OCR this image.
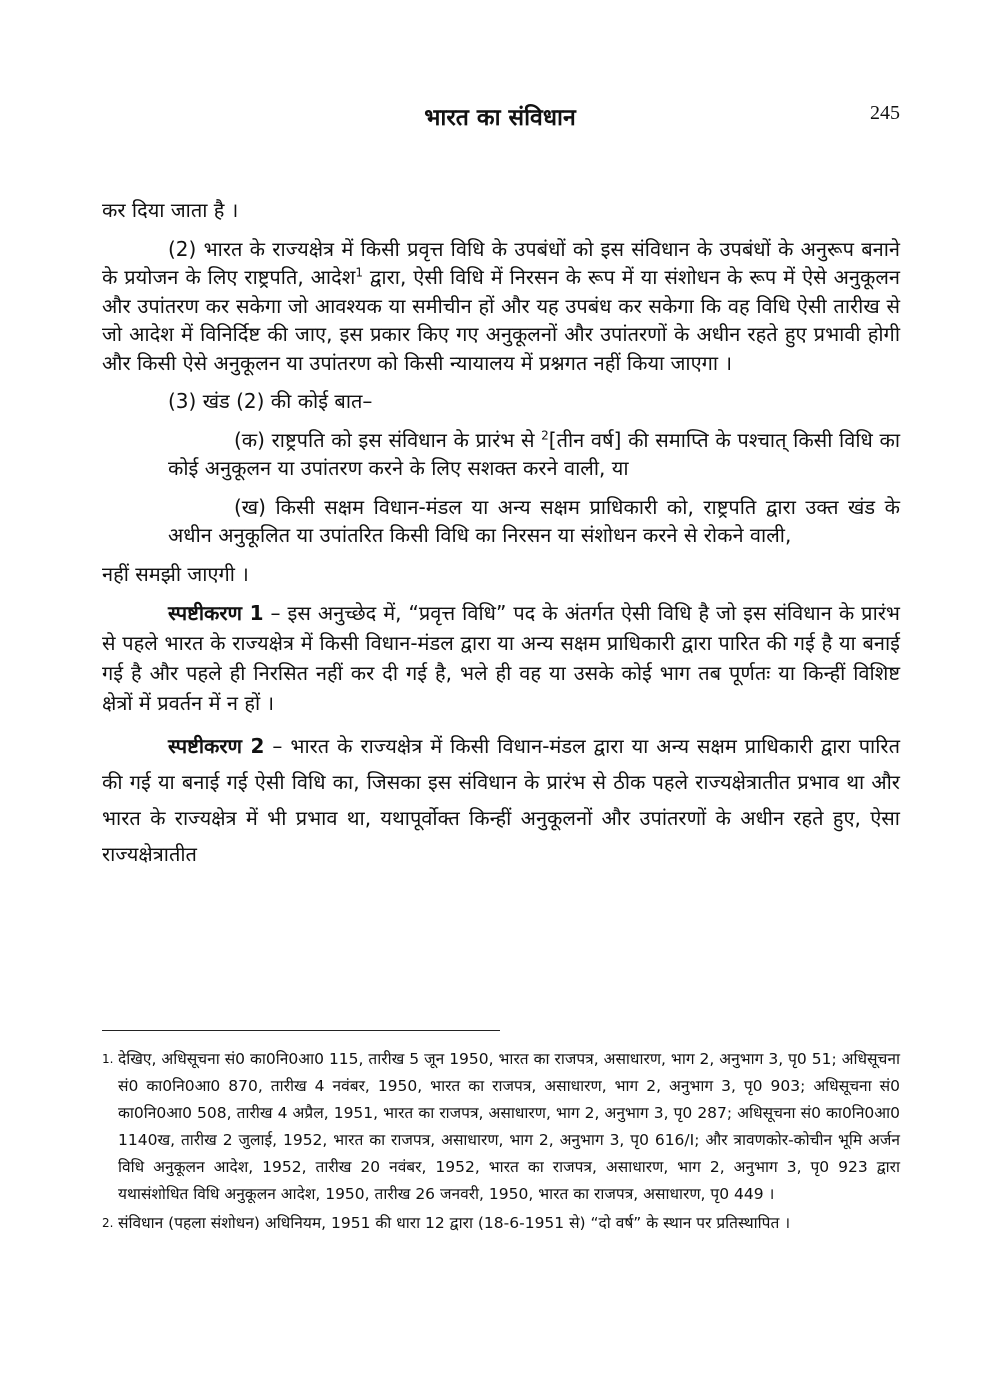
भारत का संविधान	245

कर दिया जाता है ।

(2) भारत के राज्यक्षेत्र में किसी प्रवृत्त विधि के उपबंधों को इस संविधान के उपबंधों के अनुरूप बनाने के प्रयोजन के लिए राष्ट्रपति, आदेश$^1$ द्वारा, ऐसी विधि में निरसन के रूप में या संशोधन के रूप में ऐसे अनुकूलन और उपांतरण कर सकेगा जो आवश्यक या समीचीन हों और यह उपबंध कर सकेगा कि वह विधि ऐसी तारीख से जो आदेश में विनिर्दिष्ट की जाए, इस प्रकार किए गए अनुकूलनों और उपांतरणों के अधीन रहते हुए प्रभावी होगी और किसी ऐसे अनुकूलन या उपांतरण को किसी न्यायालय में प्रश्नगत नहीं किया जाएगा ।

(3) खंड (2) की कोई बात–

(क) राष्ट्रपति को इस संविधान के प्रारंभ से $^2$[तीन वर्ष] की समाप्ति के पश्चात् किसी विधि का कोई अनुकूलन या उपांतरण करने के लिए सशक्त करने वाली, या

(ख) किसी सक्षम विधान-मंडल या अन्य सक्षम प्राधिकारी को, राष्ट्रपति द्वारा उक्त खंड के अधीन अनुकूलित या उपांतरित किसी विधि का निरसन या संशोधन करने से रोकने वाली,

नहीं समझी जाएगी ।

स्पष्टीकरण 1 – इस अनुच्छेद में, “प्रवृत्त विधि” पद के अंतर्गत ऐसी विधि है जो इस संविधान के प्रारंभ से पहले भारत के राज्यक्षेत्र में किसी विधान-मंडल द्वारा या अन्य सक्षम प्राधिकारी द्वारा पारित की गई है या बनाई गई है और पहले ही निरसित नहीं कर दी गई है, भले ही वह या उसके कोई भाग तब पूर्णतः या किन्हीं विशिष्ट क्षेत्रों में प्रवर्तन में न हों ।

स्पष्टीकरण 2 – भारत के राज्यक्षेत्र में किसी विधान-मंडल द्वारा या अन्य सक्षम प्राधिकारी द्वारा पारित की गई या बनाई गई ऐसी विधि का, जिसका इस संविधान के प्रारंभ से ठीक पहले राज्यक्षेत्रातीत प्रभाव था और भारत के राज्यक्षेत्र में भी प्रभाव था, यथापूर्वोक्त किन्हीं अनुकूलनों और उपांतरणों के अधीन रहते हुए, ऐसा राज्यक्षेत्रातीत

1. देखिए, अधिसूचना सं0 का0नि0आ0 115, तारीख 5 जून 1950, भारत का राजपत्र, असाधारण, भाग 2, अनुभाग 3, पृ0 51; अधिसूचना सं0 का0नि0आ0 870, तारीख 4 नवंबर, 1950, भारत का राजपत्र, असाधारण, भाग 2, अनुभाग 3, पृ0 903; अधिसूचना सं0 का0नि0आ0 508, तारीख 4 अप्रैल, 1951, भारत का राजपत्र, असाधारण, भाग 2, अनुभाग 3, पृ0 287; अधिसूचना सं0 का0नि0आ0 1140ख, तारीख 2 जुलाई, 1952, भारत का राजपत्र, असाधारण, भाग 2, अनुभाग 3, पृ0 616/I; और त्रावणकोर-कोचीन भूमि अर्जन विधि अनुकूलन आदेश, 1952, तारीख 20 नवंबर, 1952, भारत का राजपत्र, असाधारण, भाग 2, अनुभाग 3, पृ0 923 द्वारा यथासंशोधित विधि अनुकूलन आदेश, 1950, तारीख 26 जनवरी, 1950, भारत का राजपत्र, असाधारण, पृ0 449 ।

2. संविधान (पहला संशोधन) अधिनियम, 1951 की धारा 12 द्वारा (18-6-1951 से) “दो वर्ष” के स्थान पर प्रतिस्थापित ।
